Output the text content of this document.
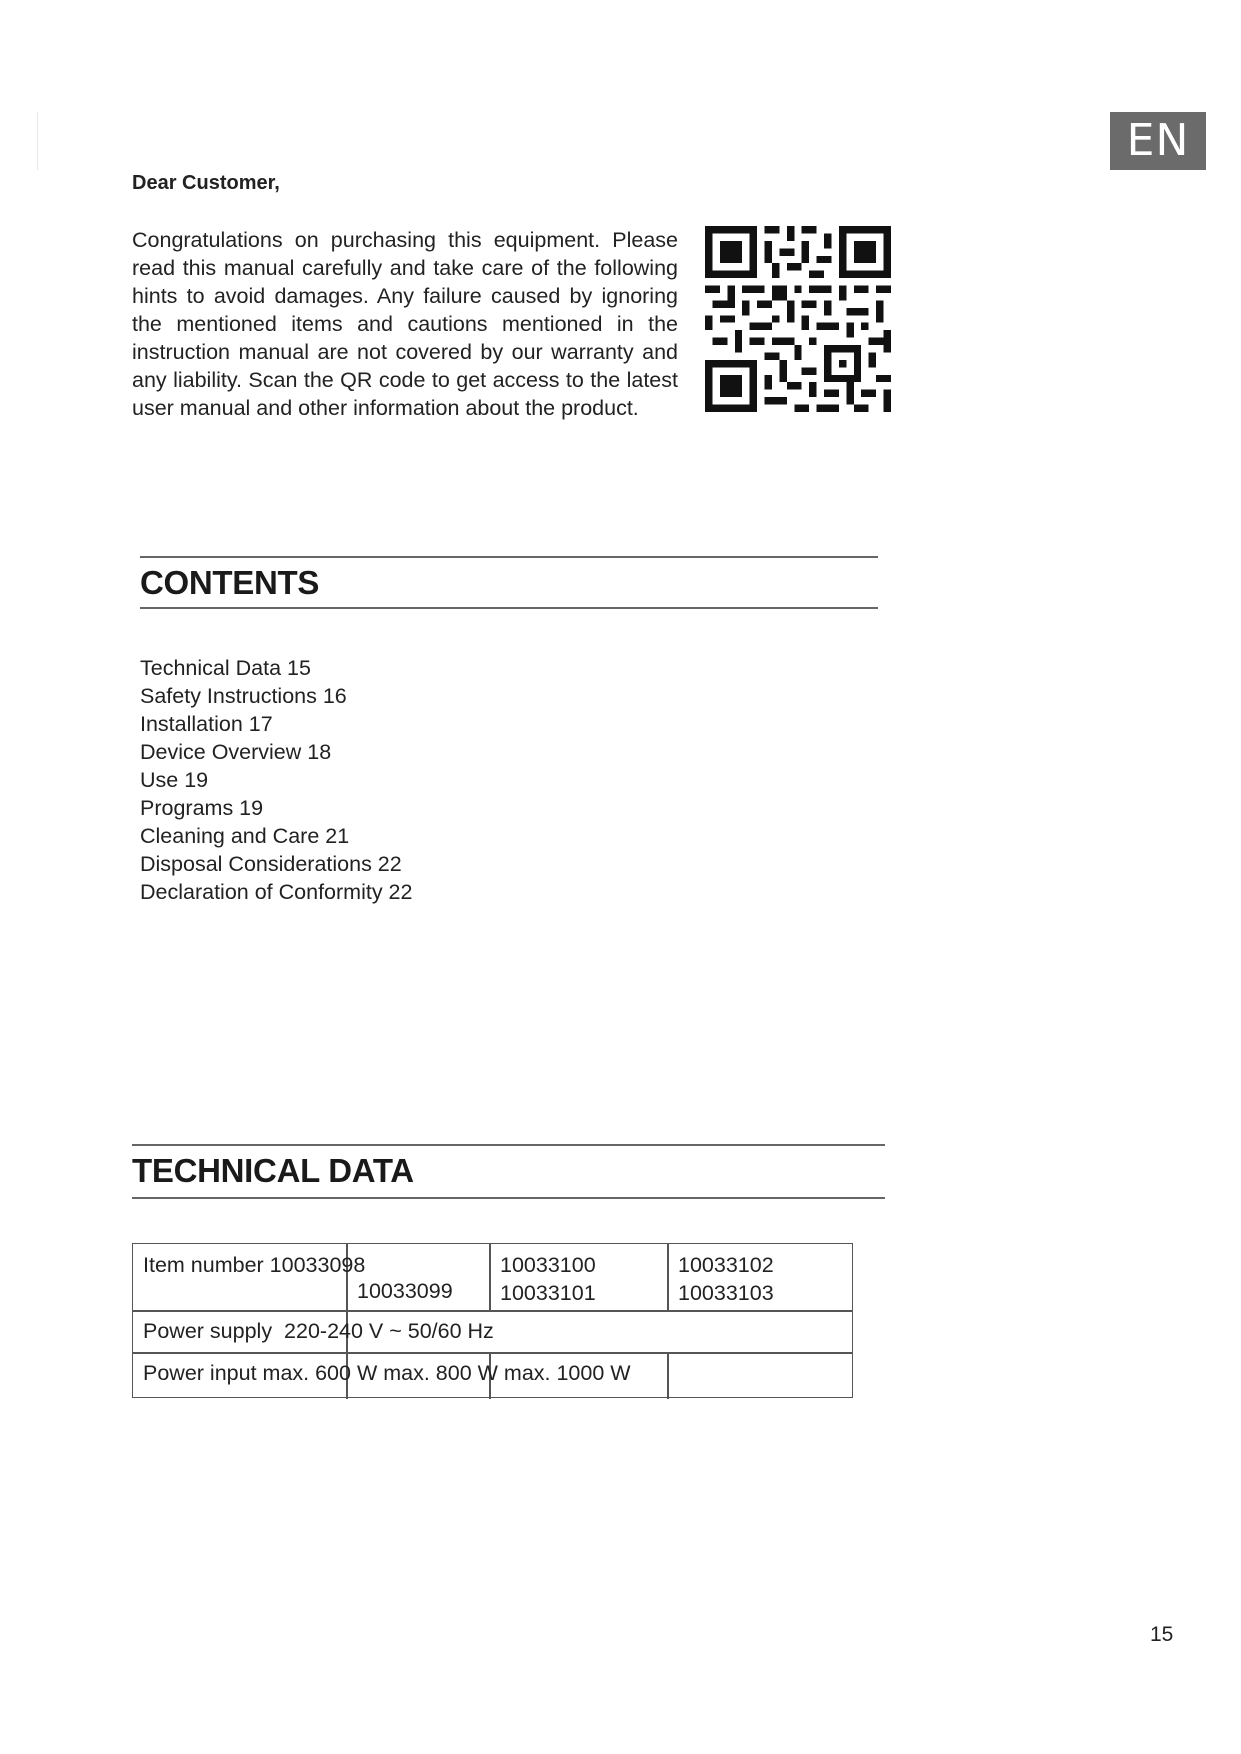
EN
Dear Customer,

Congratulations on purchasing this equipment. Please read this manual carefully and take care of the following hints to avoid damages. Any failure caused by ignoring the mentioned items and cautions mentioned in the instruction manual are not covered by our warranty and any liability. Scan the QR code to get access to the latest user manual and other information about the product.

CONTENTS
Technical Data 15
Safety Instructions 16
Installation 17
Device Overview 18
Use 19
Programs 19
Cleaning and Care 21
Disposal Considerations 22
Declaration of Conformity 22
TECHNICAL DATA
Item number 10033098
10033099
10033100
10033101
10033102
10033103
Power supply 220-240 V ~ 50/60 Hz
Power input max. 600 W max. 800 W max. 1000 W
15
